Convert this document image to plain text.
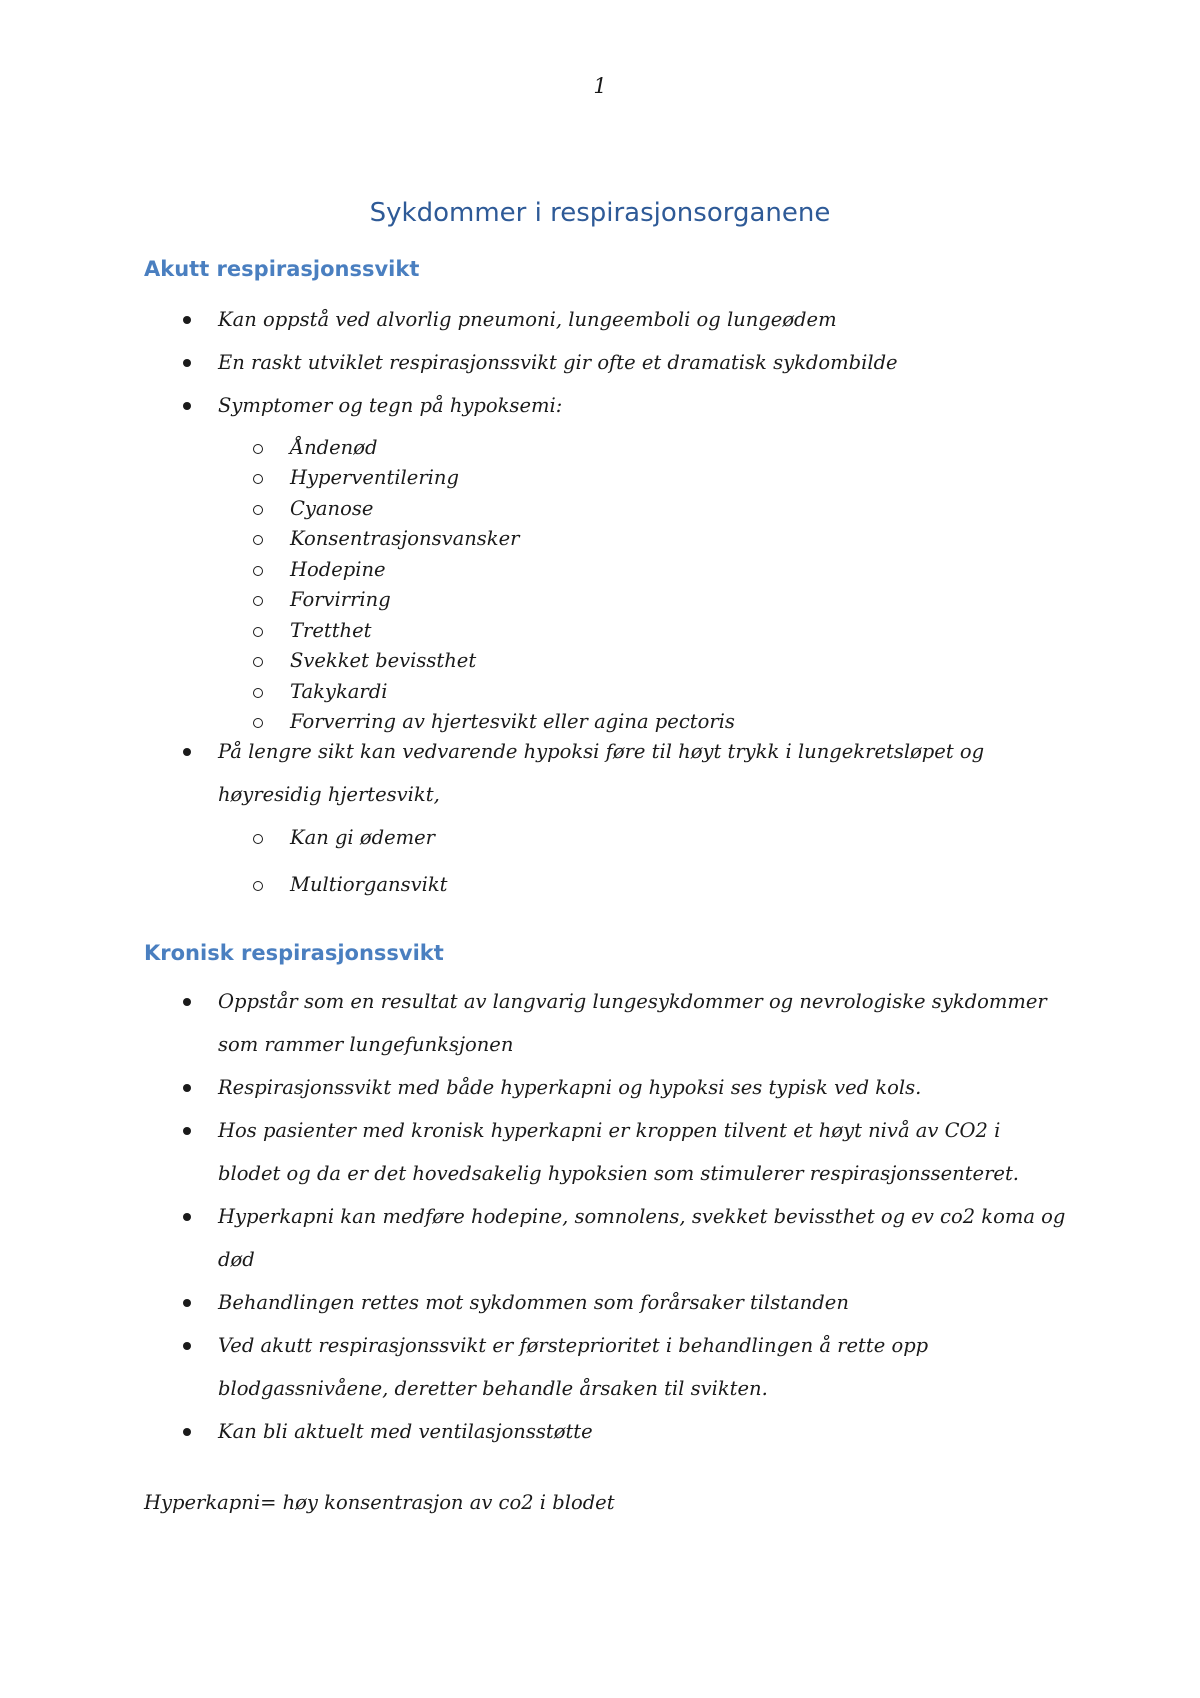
1
Sykdommer i respirasjonsorganene
Akutt respirasjonssvikt
Kan oppstå ved alvorlig pneumoni, lungeemboli og lungeødem
En raskt utviklet respirasjonssvikt gir ofte et dramatisk sykdombilde
Symptomer og tegn på hypoksemi:
Åndenød
Hyperventilering
Cyanose
Konsentrasjonsvansker
Hodepine
Forvirring
Tretthet
Svekket bevissthet
Takykardi
Forverring av hjertesvikt eller agina pectoris
På lengre sikt kan vedvarende hypoksi føre til høyt trykk i lungekretsløpet og
høyresidig hjertesvikt,
Kan gi ødemer
Multiorgansvikt
Kronisk respirasjonssvikt
Oppstår som en resultat av langvarig lungesykdommer og nevrologiske sykdommer
som rammer lungefunksjonen
Respirasjonssvikt med både hyperkapni og hypoksi ses typisk ved kols.
Hos pasienter med kronisk hyperkapni er kroppen tilvent et høyt nivå av CO2 i
blodet og da er det hovedsakelig hypoksien som stimulerer respirasjonssenteret.
Hyperkapni kan medføre hodepine, somnolens, svekket bevissthet og ev co2 koma og
død
Behandlingen rettes mot sykdommen som forårsaker tilstanden
Ved akutt respirasjonssvikt er førsteprioritet i behandlingen å rette opp
blodgassnivåene, deretter behandle årsaken til svikten.
Kan bli aktuelt med ventilasjonsstøtte
Hyperkapni= høy konsentrasjon av co2 i blodet
